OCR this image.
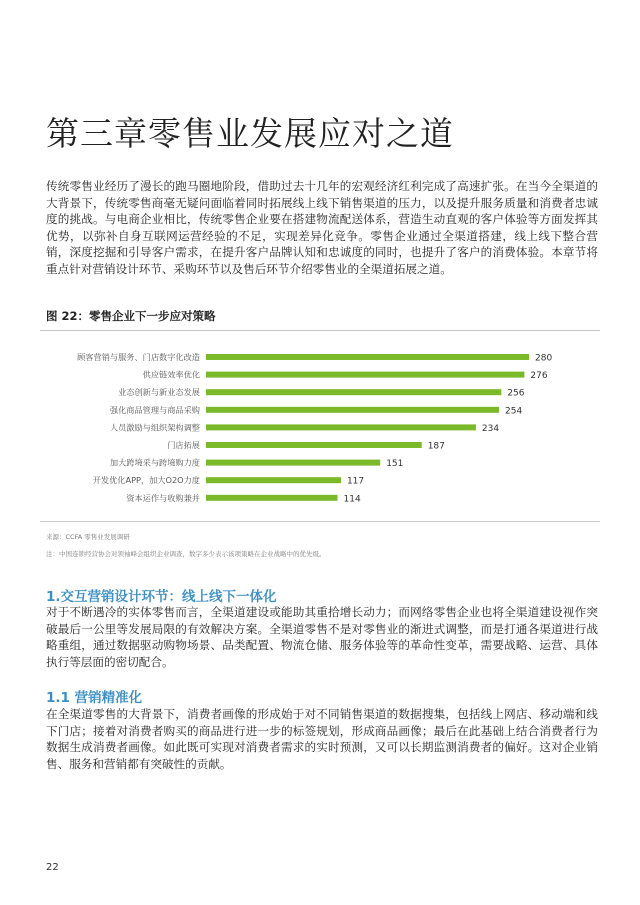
第三章零售业发展应对之道

传统零售业经历了漫长的跑马圈地阶段，借助过去十几年的宏观经济红利完成了高速扩张。在当今全渠道的大背景下，传统零售商毫无疑问面临着同时拓展线上线下销售渠道的压力，以及提升服务质量和消费者忠诚度的挑战。与电商企业相比，传统零售企业要在搭建物流配送体系，营造生动直观的客户体验等方面发挥其优势，以弥补自身互联网运营经验的不足，实现差异化竞争。零售企业通过全渠道搭建，线上线下整合营销，深度挖掘和引导客户需求，在提升客户品牌认知和忠诚度的同时，也提升了客户的消费体验。本章节将重点针对营销设计环节、采购环节以及售后环节介绍零售业的全渠道拓展之道。

图 22：零售企业下一步应对策略
顾客营销与服务、门店数字化改造	280
供应链效率优化	276
业态创新与新业态发展	256
强化商品管理与商品采购	254
人员激励与组织架构调整	234
门店拓展	187
加大跨境采与跨境购力度	151
开发优化APP，加大O2O力度	117
资本运作与收购兼并	114
来源：CCFA 零售业发展调研
注：中国连锁经营协会对领袖峰会组织企业调查，数字多少表示该项策略在企业战略中的优先级。
1.交互营销设计环节：线上线下一体化

对于不断遇冷的实体零售而言，全渠道建设或能助其重拾增长动力；而网络零售企业也将全渠道建设视作突破最后一公里等发展局限的有效解决方案。全渠道零售不是对零售业的渐进式调整，而是打通各渠道进行战略重组，通过数据驱动购物场景、品类配置、物流仓储、服务体验等的革命性变革，需要战略、运营、具体执行等层面的密切配合。

1.1 营销精准化

在全渠道零售的大背景下，消费者画像的形成始于对不同销售渠道的数据搜集，包括线上网店、移动端和线下门店；接着对消费者购买的商品进行进一步的标签规划，形成商品画像；最后在此基础上结合消费者行为数据生成消费者画像。如此既可实现对消费者需求的实时预测，又可以长期监测消费者的偏好。这对企业销售、服务和营销都有突破性的贡献。

22
